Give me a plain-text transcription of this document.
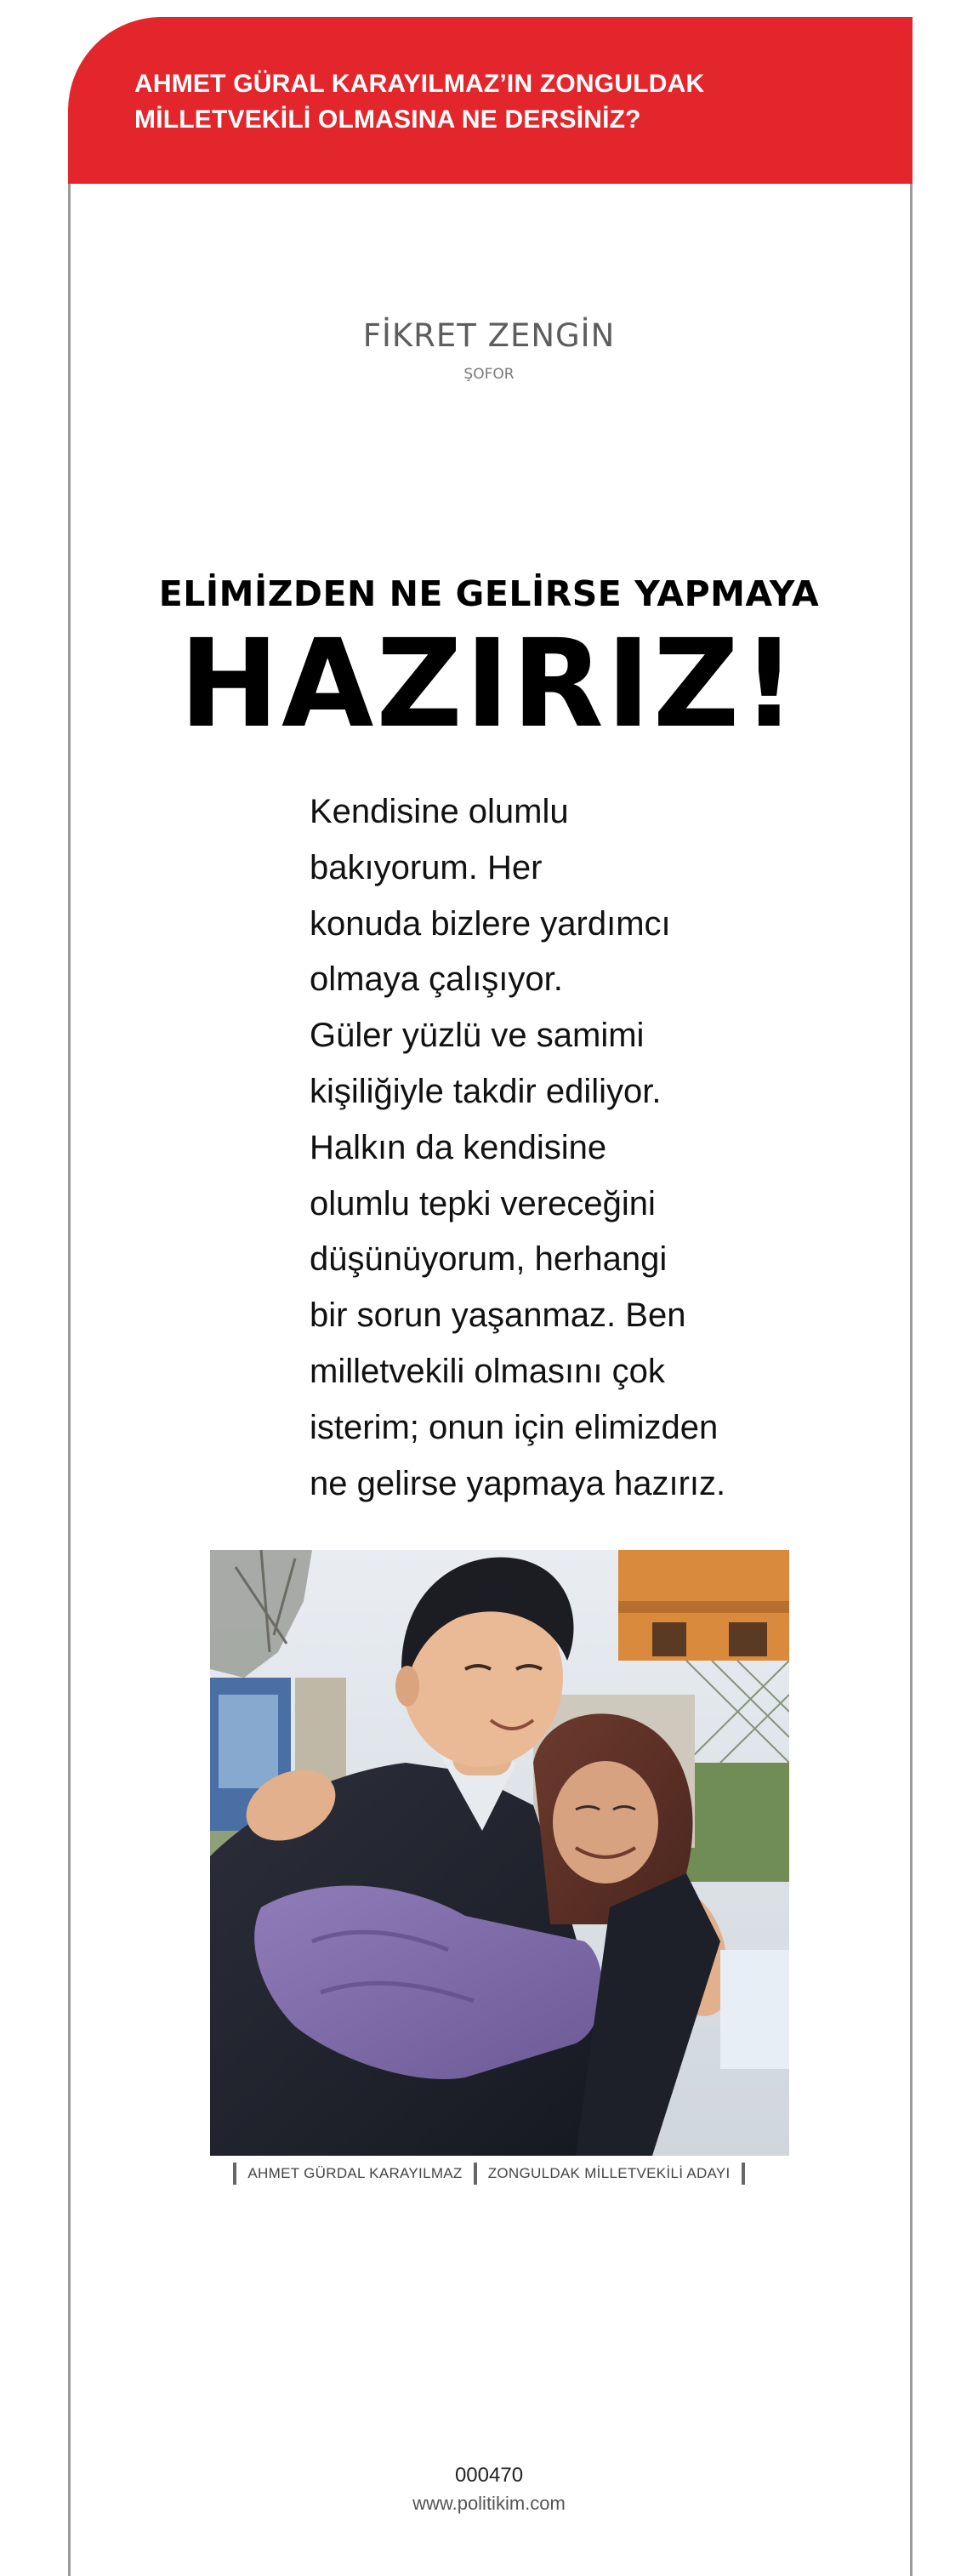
AHMET GÜRAL KARAYILMAZ’IN ZONGULDAK MİLLETVEKİLİ OLMASINA NE DERSİNİZ?
FİKRET ZENGİN
ŞOFOR
ELİMİZDEN NE GELİRSE YAPMAYA
HAZIRIZ!
Kendisine olumlu
bakıyorum. Her
konuda bizlere yardımcı
olmaya çalışıyor.
Güler yüzlü ve samimi
kişiliğiyle takdir ediliyor.
Halkın da kendisine
olumlu tepki vereceğini
düşünüyorum, herhangi
bir sorun yaşanmaz. Ben
milletvekili olmasını çok
isterim; onun için elimizden
ne gelirse yapmaya hazırız.
AHMET GÜRDAL KARAYILMAZ ZONGULDAK MİLLETVEKİLİ ADAYI
000470
www.politikim.com
